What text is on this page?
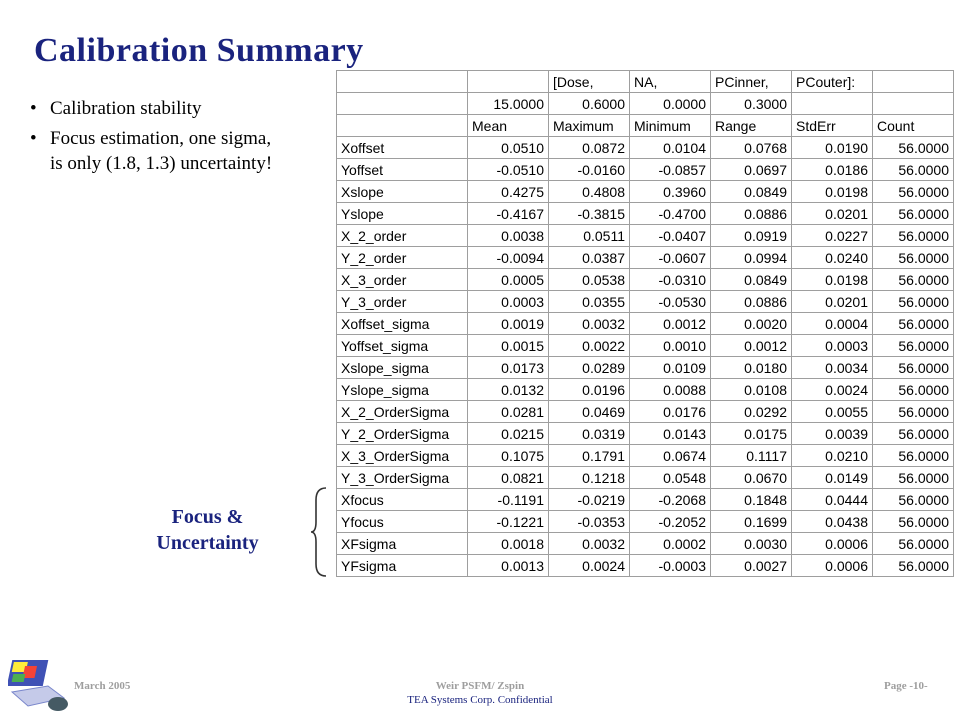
Calibration Summary
• Calibration stability
• Focus estimation, one sigma, is only (1.8, 1.3) uncertainty!
		[Dose,	NA,	PCinner,	PCouter]:	
	15.0000	0.6000	0.0000	0.3000		
	Mean	Maximum	Minimum	Range	StdErr	Count
Xoffset	0.0510	0.0872	0.0104	0.0768	0.0190	56.0000
Yoffset	-0.0510	-0.0160	-0.0857	0.0697	0.0186	56.0000
Xslope	0.4275	0.4808	0.3960	0.0849	0.0198	56.0000
Yslope	-0.4167	-0.3815	-0.4700	0.0886	0.0201	56.0000
X_2_order	0.0038	0.0511	-0.0407	0.0919	0.0227	56.0000
Y_2_order	-0.0094	0.0387	-0.0607	0.0994	0.0240	56.0000
X_3_order	0.0005	0.0538	-0.0310	0.0849	0.0198	56.0000
Y_3_order	0.0003	0.0355	-0.0530	0.0886	0.0201	56.0000
Xoffset_sigma	0.0019	0.0032	0.0012	0.0020	0.0004	56.0000
Yoffset_sigma	0.0015	0.0022	0.0010	0.0012	0.0003	56.0000
Xslope_sigma	0.0173	0.0289	0.0109	0.0180	0.0034	56.0000
Yslope_sigma	0.0132	0.0196	0.0088	0.0108	0.0024	56.0000
X_2_OrderSigma	0.0281	0.0469	0.0176	0.0292	0.0055	56.0000
Y_2_OrderSigma	0.0215	0.0319	0.0143	0.0175	0.0039	56.0000
X_3_OrderSigma	0.1075	0.1791	0.0674	0.1117	0.0210	56.0000
Y_3_OrderSigma	0.0821	0.1218	0.0548	0.0670	0.0149	56.0000
Xfocus	-0.1191	-0.0219	-0.2068	0.1848	0.0444	56.0000
Yfocus	-0.1221	-0.0353	-0.2052	0.1699	0.0438	56.0000
XFsigma	0.0018	0.0032	0.0002	0.0030	0.0006	56.0000
YFsigma	0.0013	0.0024	-0.0003	0.0027	0.0006	56.0000
Focus &
Uncertainty
March 2005	Weir PSFM/ Zspin	Page -10-
TEA Systems Corp. Confidential
